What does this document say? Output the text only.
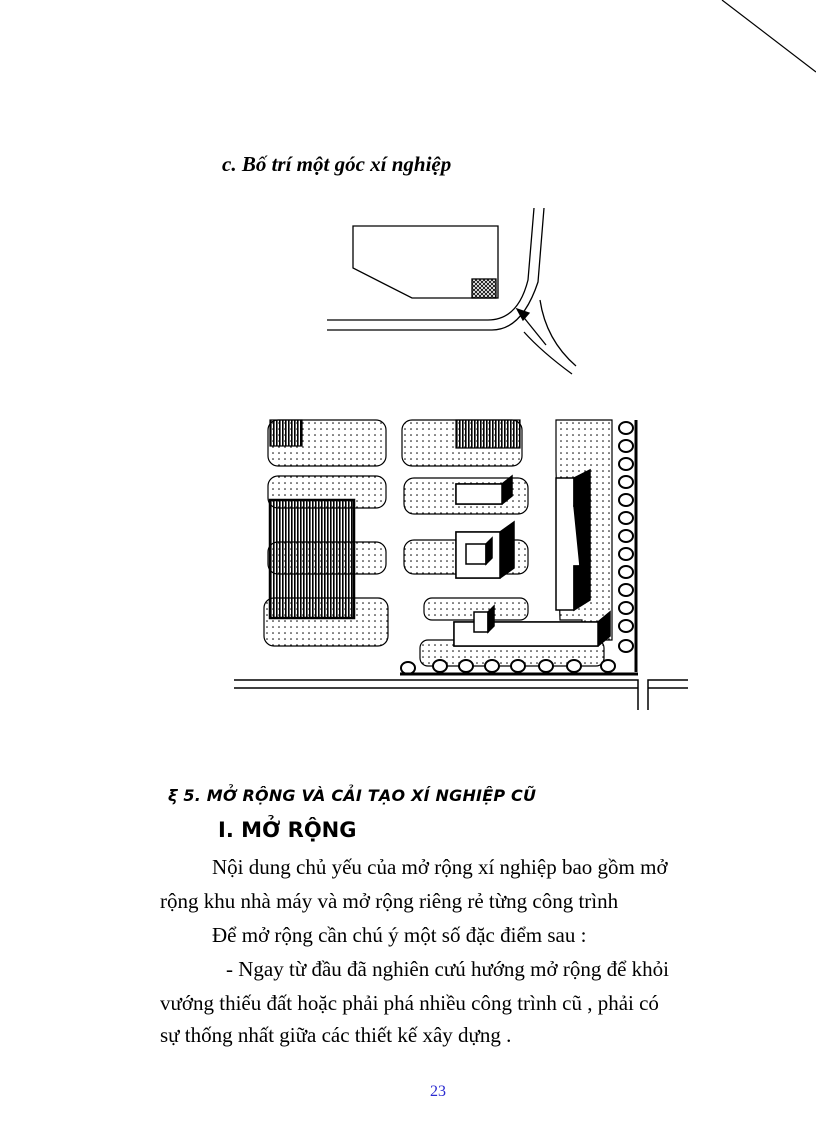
c. Bố trí một góc xí nghiệp
ξ 5. MỞ RỘNG VÀ CẢI TẠO XÍ NGHIỆP CŨ
I. MỞ RỘNG
Nội dung chủ yếu của mở rộng xí nghiệp bao gồm mở
rộng khu nhà máy và mở rộng riêng rẻ từng công trình
Để mở rộng cần chú ý một số đặc điểm sau :
- Ngay từ đầu đã nghiên cưú hướng mở rộng để khỏi
vướng thiếu đất hoặc phải phá nhiều công trình cũ , phải có
sự thống nhất giữa các thiết kế xây dựng .
23
